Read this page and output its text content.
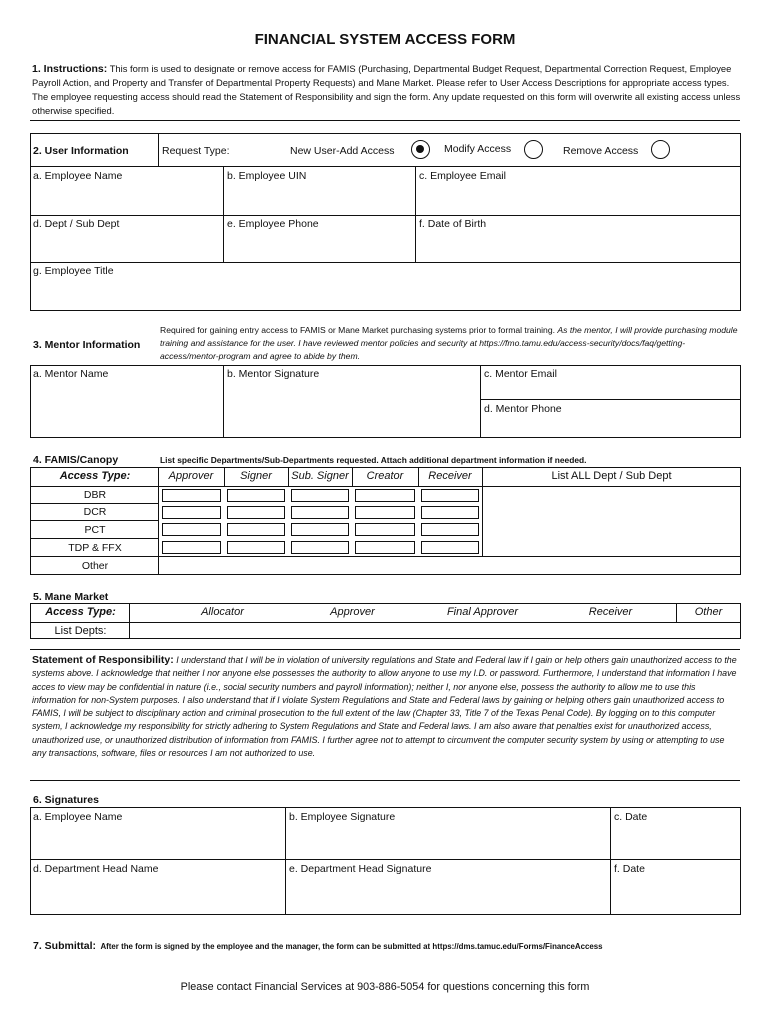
FINANCIAL SYSTEM ACCESS FORM
1. Instructions: This form is used to designate or remove access for FAMIS (Purchasing, Departmental Budget Request, Departmental Correction Request, Employee Payroll Action, and Property and Transfer of Departmental Property Requests) and Mane Market. Please refer to User Access Descriptions for appropriate access types. The employee requesting access should read the Statement of Responsibility and sign the form. Any update requested on this form will overwrite all existing access unless otherwise specified.
2. User Information	Request Type:	New User-Add Access	Modify Access	Remove Access
a. Employee Name	b. Employee UIN	c. Employee Email
d. Dept / Sub Dept	e. Employee Phone	f. Date of Birth
g. Employee Title
3. Mentor Information
Required for gaining entry access to FAMIS or Mane Market purchasing systems prior to formal training. As the mentor, I will provide purchasing module training and assistance for the user. I have reviewed mentor policies and security at https://fmo.tamu.edu/access-security/docs/faq/getting-access/mentor-program and agree to abide by them.
a. Mentor Name	b. Mentor Signature	c. Mentor Email
d. Mentor Phone
4. FAMIS/Canopy	List specific Departments/Sub-Departments requested. Attach additional department information if needed.
Access Type:	Approver	Signer	Sub. Signer	Creator	Receiver	List ALL Dept / Sub Dept
DBR
DCR
PCT
TDP & FFX
Other
5. Mane Market
Access Type:	Allocator	Approver	Final Approver	Receiver	Other
List Depts:
Statement of Responsibility: I understand that I will be in violation of university regulations and State and Federal law if I gain or help others gain unauthorized access to the systems above. I acknowledge that neither I nor anyone else possesses the authority to allow anyone to use my I.D. or password. Furthermore, I understand that information I have acces to view may be confidential in nature (i.e., social security numbers and payroll information); neither I, nor anyone else, possess the authority to allow me to use this information for non-System purposes. I also understand that if I violate System Regulations and State and Federal laws by gaining or helping others gain unauthorized access to FAMIS, I will be subject to disciplinary action and criminal prosecution to the full extent of the law (Chapter 33, Title 7 of the Texas Penal Code). By logging on to this computer system, I acknowledge my responsibility for strictly adhering to System Regulations and State and Federal laws. I am also aware that penalties exist for unauthorized access, unauthorized use, or unauthorized distribution of information from FAMIS. I further agree not to attempt to circumvent the computer security system by using or attempting to use any transactions, software, files or resources I am not authorized to use.
6. Signatures
a. Employee Name	b. Employee Signature	c. Date
d. Department Head Name	e. Department Head Signature	f. Date
7. Submittal: After the form is signed by the employee and the manager, the form can be submitted at https://dms.tamuc.edu/Forms/FinanceAccess
Please contact Financial Services at 903-886-5054 for questions concerning this form
